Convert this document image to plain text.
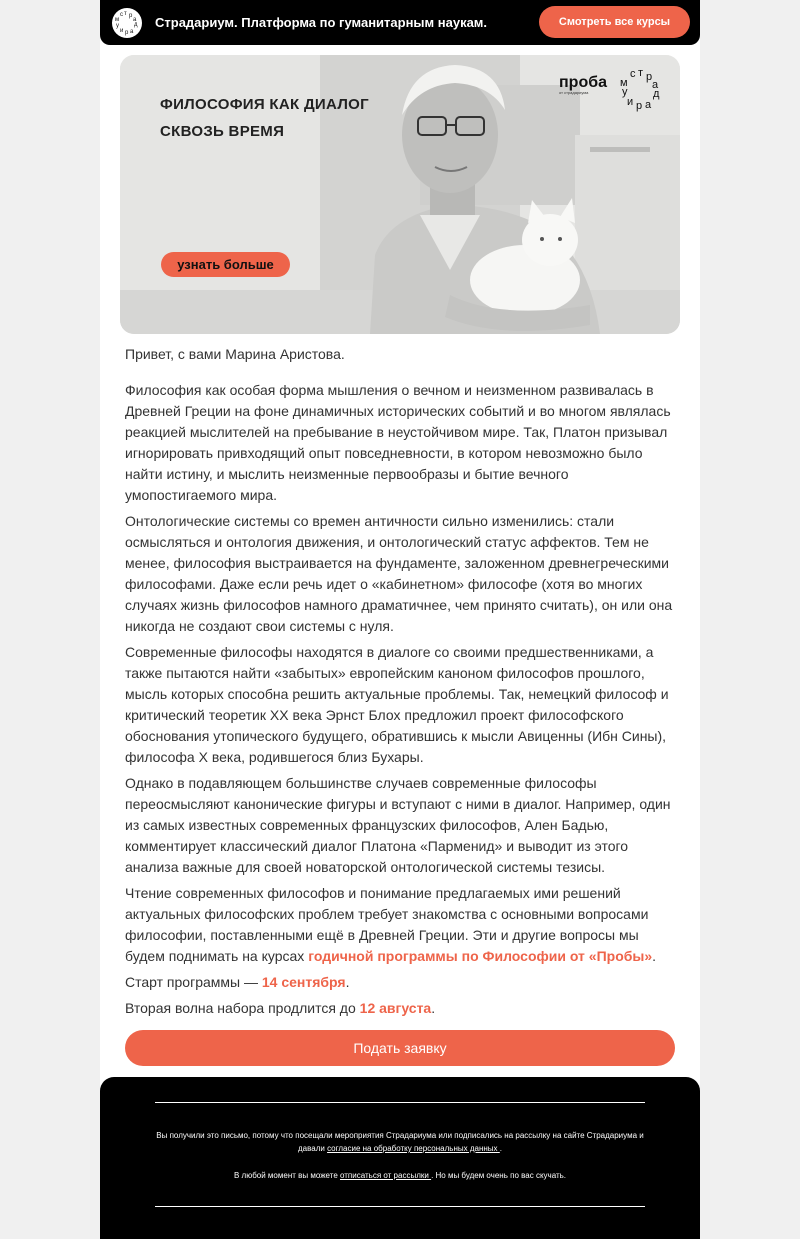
с т р
а
д
м
у
и р а
Страдариум. Платформа по гуманитарным наукам.	Смотреть все курсы
ФИЛОСОФИЯ КАК ДИАЛОГ
СКВОЗЬ ВРЕМЯ
узнать больше
проба
от страдариума
с т р
а
д
м
у
и р а

Привет, с вами Марина Аристова.

Философия как особая форма мышления о вечном и неизменном развивалась в Древней Греции на фоне динамичных исторических событий и во многом являлась реакцией мыслителей на пребывание в неустойчивом мире. Так, Платон призывал игнорировать привходящий опыт повседневности, в котором невозможно было найти истину, и мыслить неизменные первообразы и бытие вечного умопостигаемого мира.

Онтологические системы со времен античности сильно изменились: стали осмысляться и онтология движения, и онтологический статус аффектов. Тем не менее, философия выстраивается на фундаменте, заложенном древнегреческими философами. Даже если речь идет о «кабинетном» философе (хотя во многих случаях жизнь философов намного драматичнее, чем принято считать), он или она никогда не создают свои системы с нуля.

Современные философы находятся в диалоге со своими предшественниками, а также пытаются найти «забытых» европейским каноном философов прошлого, мысль которых способна решить актуальные проблемы. Так, немецкий философ и критический теоретик XX века Эрнст Блох предложил проект философского обоснования утопического будущего, обратившись к мысли Авиценны (Ибн Сины), философа X века, родившегося близ Бухары.

Однако в подавляющем большинстве случаев современные философы переосмысляют канонические фигуры и вступают с ними в диалог. Например, один из самых известных современных французских философов, Ален Бадью, комментирует классический диалог Платона «Парменид» и выводит из этого анализа важные для своей новаторской онтологической системы тезисы.

Чтение современных философов и понимание предлагаемых ими решений актуальных философских проблем требует знакомства с основными вопросами философии, поставленными ещё в Древней Греции. Эти и другие вопросы мы будем поднимать на курсах годичной программы по Философии от «Пробы».

Старт программы — 14 сентября.

Вторая волна набора продлится до 12 августа.

Подать заявку
Вы получили это письмо, потому что посещали мероприятия Страдариума или подписались на рассылку на сайте Страдариума и давали согласие на обработку персональных данных .
В любой момент вы можете отписаться от рассылки . Но мы будем очень по вас скучать.
